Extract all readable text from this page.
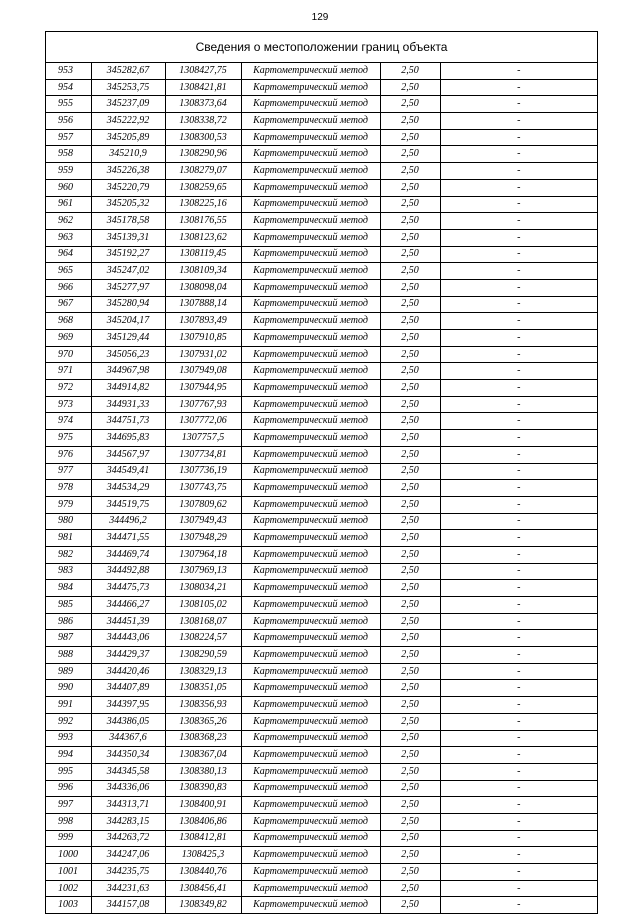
129
Сведения о местоположении границ объекта
953	345282,67	1308427,75	Картометрический метод	2,50	-
954	345253,75	1308421,81	Картометрический метод	2,50	-
955	345237,09	1308373,64	Картометрический метод	2,50	-
956	345222,92	1308338,72	Картометрический метод	2,50	-
957	345205,89	1308300,53	Картометрический метод	2,50	-
958	345210,9	1308290,96	Картометрический метод	2,50	-
959	345226,38	1308279,07	Картометрический метод	2,50	-
960	345220,79	1308259,65	Картометрический метод	2,50	-
961	345205,32	1308225,16	Картометрический метод	2,50	-
962	345178,58	1308176,55	Картометрический метод	2,50	-
963	345139,31	1308123,62	Картометрический метод	2,50	-
964	345192,27	1308119,45	Картометрический метод	2,50	-
965	345247,02	1308109,34	Картометрический метод	2,50	-
966	345277,97	1308098,04	Картометрический метод	2,50	-
967	345280,94	1307888,14	Картометрический метод	2,50	-
968	345204,17	1307893,49	Картометрический метод	2,50	-
969	345129,44	1307910,85	Картометрический метод	2,50	-
970	345056,23	1307931,02	Картометрический метод	2,50	-
971	344967,98	1307949,08	Картометрический метод	2,50	-
972	344914,82	1307944,95	Картометрический метод	2,50	-
973	344931,33	1307767,93	Картометрический метод	2,50	-
974	344751,73	1307772,06	Картометрический метод	2,50	-
975	344695,83	1307757,5	Картометрический метод	2,50	-
976	344567,97	1307734,81	Картометрический метод	2,50	-
977	344549,41	1307736,19	Картометрический метод	2,50	-
978	344534,29	1307743,75	Картометрический метод	2,50	-
979	344519,75	1307809,62	Картометрический метод	2,50	-
980	344496,2	1307949,43	Картометрический метод	2,50	-
981	344471,55	1307948,29	Картометрический метод	2,50	-
982	344469,74	1307964,18	Картометрический метод	2,50	-
983	344492,88	1307969,13	Картометрический метод	2,50	-
984	344475,73	1308034,21	Картометрический метод	2,50	-
985	344466,27	1308105,02	Картометрический метод	2,50	-
986	344451,39	1308168,07	Картометрический метод	2,50	-
987	344443,06	1308224,57	Картометрический метод	2,50	-
988	344429,37	1308290,59	Картометрический метод	2,50	-
989	344420,46	1308329,13	Картометрический метод	2,50	-
990	344407,89	1308351,05	Картометрический метод	2,50	-
991	344397,95	1308356,93	Картометрический метод	2,50	-
992	344386,05	1308365,26	Картометрический метод	2,50	-
993	344367,6	1308368,23	Картометрический метод	2,50	-
994	344350,34	1308367,04	Картометрический метод	2,50	-
995	344345,58	1308380,13	Картометрический метод	2,50	-
996	344336,06	1308390,83	Картометрический метод	2,50	-
997	344313,71	1308400,91	Картометрический метод	2,50	-
998	344283,15	1308406,86	Картометрический метод	2,50	-
999	344263,72	1308412,81	Картометрический метод	2,50	-
1000	344247,06	1308425,3	Картометрический метод	2,50	-
1001	344235,75	1308440,76	Картометрический метод	2,50	-
1002	344231,63	1308456,41	Картометрический метод	2,50	-
1003	344157,08	1308349,82	Картометрический метод	2,50	-
